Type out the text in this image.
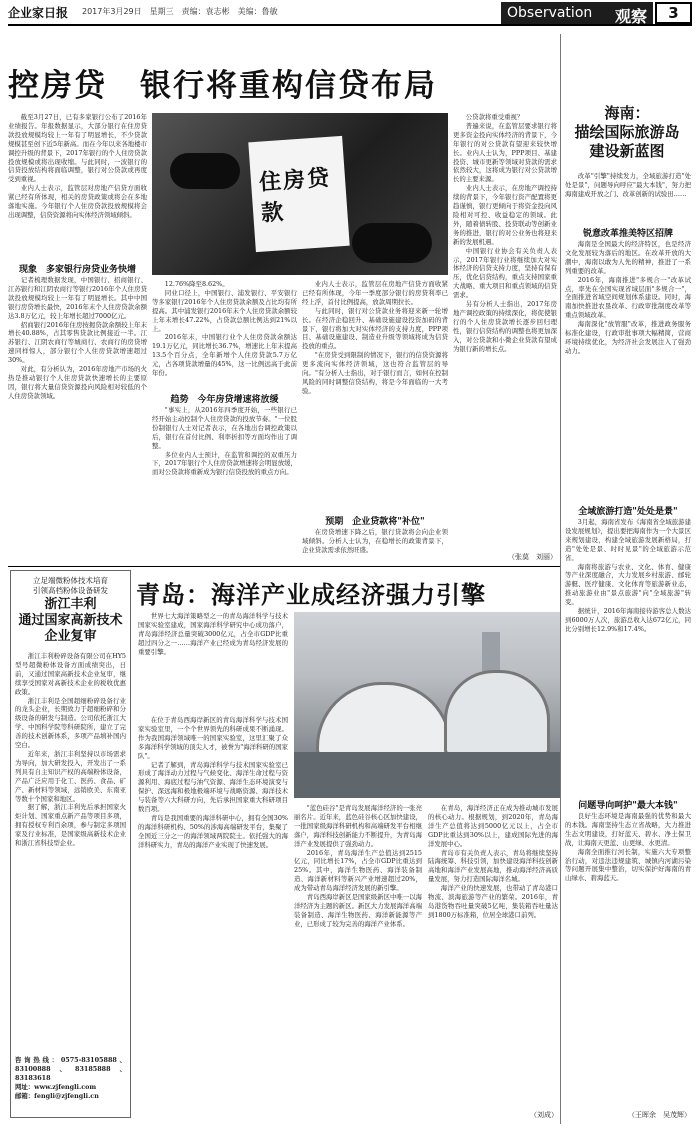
企业家日报 2017年3月29日　星期三　责编：袁志彬　美编：鲁敏	Observation 观察	3
控房贷　银行将重构信贷布局

截至3月27日，已有多家银行公布了2016年业绩报告。年报数据显示，大部分银行在住房贷款投放规模均较上一年有了明显增长，不少贷款规模甚至创下近5年新高。而在今年以来各地楼市调控升级的背景下，2017年银行的个人住房贷款投放规模或将出现收缩。与此同时，一波银行的信贷投放结构将面临调整，银行对公贷款或再度受到重视。

业内人士表示，监管层对房地产信贷方面收紧已经有所体现，相关的房贷政策或将会在多地落地实施。今年银行个人住房贷款投放规模将会出现调整，信贷资源将向实体经济领域倾斜。

现象　多家银行房贷业务快增

记者梳理数据发现，中国银行、招商银行、江苏银行和江阴农商行等银行2016年个人住房贷款投放规模均较上一年有了明显增长。其中中国银行房贷增长最快，2016年末个人住房贷款余额达3.8万亿元，较上年增长超过7000亿元。

招商银行2016年住房按揭贷款余额较上年末增长40.88%，占其零售贷款比例接近一半。江苏银行、江阴农商行等城商行、农商行的房贷增速同样惊人，部分银行个人住房贷款增速超过30%。

对此，有分析认为，2016年房地产市场的火热是推动银行个人住房贷款快速增长的主要原因，银行将大量信贷资源投向风险相对较低的个人住房贷款领域。

住房贷款

12.76%降至8.62%。

同业口径上，中国银行、浦发银行、平安银行等多家银行2016年个人住房贷款余额及占比均有所提高。其中浦发银行2016年末个人住房贷款余额较上年末增长47.22%，占贷款总额比例达到21%以上。

2016年末，中国银行业个人住房贷款余额达19.1万亿元，同比增长36.7%，增速比上年末提高13.5个百分点，全年新增个人住房贷款5.7万亿元，占各项贷款增量的45%，这一比例远高于此前年份。

趋势　今年房贷增速将放缓

"事实上，从2016年四季度开始，一些银行已经开始主动控制个人住房贷款的投放节奏。"一位股份制银行人士对记者表示，在各地出台调控政策以后，银行在首付比例、利率折扣等方面均作出了调整。

多位业内人士预计，在监管和调控的双重压力下，2017年银行个人住房贷款增速将会明显放缓，而对公贷款将重新成为银行信贷投放的重点方向。

业内人士表示，监管层在房地产信贷方面收紧已经有所体现，今年一季度部分银行的房贷利率已经上浮，首付比例提高，放款周期拉长。

与此同时，银行对公贷款业务将迎来新一轮增长。在经济企稳回升、基础设施建设投资加码的背景下，银行将加大对实体经济的支持力度，PPP项目、基础设施建设、制造业升级等领域将成为信贷投放的重点。

"在房贷受到限制的情况下，银行的信贷资源将更多流向实体经济领域，这也符合监管层的导向。"有分析人士指出，对于银行而言，如何在控制风险的同时调整信贷结构，将是今年面临的一大考验。

预期　企业贷款将"补位"

在房贷增速下降之后，银行贷款将会向企业领域倾斜。分析人士认为，在稳增长的政策背景下，企业贷款需求依然旺盛。

公贷款将重受重视？

普遍来说，在监管层要求银行将更多资金投向实体经济的背景下，今年银行的对公贷款有望迎来较快增长。业内人士认为，PPP项目、基建投资、城市更新等领域对贷款的需求依然较大，这将成为银行对公贷款增长的主要来源。

业内人士表示，在房地产调控持续的背景下，今年银行资产配置将更趋谨慎，银行更倾向于将资金投向风险相对可控、收益稳定的领域。此外，随着债转股、投贷联动等创新业务的推进，银行的对公业务也将迎来新的发展机遇。

中国银行业协会有关负责人表示，2017年银行业将继续加大对实体经济的信贷支持力度，坚持有保有压，优化信贷结构，重点支持国家重大战略、重大项目和重点领域的信贷需求。

另有分析人士指出，2017年房地产调控政策的持续深化，将促使银行的个人住房贷款增长逐步回归理性，银行信贷结构的调整也将更加深入，对公贷款和小微企业贷款有望成为银行新的增长点。

（张莫　刘丽）
海南：
描绘国际旅游岛
建设新蓝图

改革"引擎"持续发力，全域旅游打造"处处是景"，问题导向呼应"最大本钱"，努力把海南建成开放之门、改革创新的试验田……

锐意改革推美特区招牌

海南是全国最大的经济特区，也是经济文化发展较为落后的地区。在改革开放的大潮中，海南以敢为人先的精神，推进了一系列重要的改革。

2016年，海南推进"多规合一"改革试点，率先在全国实现省域层面"多规合一"，全面推进省域空间规划体系建设。同时，海南加快推进农垦改革、行政审批制度改革等重点领域改革。

海南深化"放管服"改革，推进政务服务标准化建设，行政审批事项大幅精简，营商环境持续优化，为经济社会发展注入了强劲动力。

全域旅游打造"处处是景"

3月起，海南省发布《海南省全域旅游建设发展规划》，提出要把海南作为一个大景区来规划建设，构建全域旅游发展新格局，打造"处处是景、时时见景"的全域旅游示范省。

海南将旅游与农业、文化、体育、健康等产业深度融合，大力发展乡村旅游、邮轮游艇、医疗健康、文化体育等旅游新业态，推动旅游业由"景点旅游"向"全域旅游"转变。

据统计，2016年海南接待游客总人数达到6000万人次，旅游总收入达672亿元，同比分别增长12.9%和17.4%。

问题导向呵护"最大本钱"

良好生态环境是海南最强的优势和最大的本钱。海南坚持生态立省战略，大力推进生态文明建设，打好蓝天、碧水、净土保卫战，让海南天更蓝、山更绿、水更清。

海南全面推行河长制，实施六大专项整治行动，对违法违规建筑、城镇内河湖污染等问题开展集中整治，切实保护好海南的青山绿水、碧海蓝天。

（王晖余　吴茂辉）
立足端微粉体技术培育
引领高档粉体设备研发
浙江丰利
通过国家高新技术
企业复审

浙江丰利粉碎设备有限公司在HY5型号超微粉体设备方面成绩突出，日前，又通过国家高新技术企业复审，继续享受国家对高新技术企业的税收优惠政策。

浙江丰利是全国超细粉碎设备行业的龙头企业，长期致力于超细粉碎和分级设备的研发与制造。公司依托浙江大学、中国科学院等科研院所，建立了完善的技术创新体系，多项产品填补国内空白。

近年来，浙江丰利坚持以市场需求为导向，加大研发投入，开发出了一系列具有自主知识产权的高端粉体设备，产品广泛应用于化工、医药、食品、矿产、新材料等领域，远销欧美、东南亚等数十个国家和地区。

据了解，浙江丰利先后承担国家火炬计划、国家重点新产品等项目多项，拥有授权专利百余项，参与制定多项国家及行业标准，是国家级高新技术企业和浙江省科技型企业。

咨询热线：0575-83105888、83100888、83185888、83183618
网址：www.zjfengli.com
邮箱：fengli@zjfengli.cn
青岛：海洋产业成经济强力引擎
世界七大海洋策略型之一的青岛海洋科学与技术国家实验室建成，国家海洋科学研究中心成功落户，青岛海洋经济总量突破3000亿元，占全市GDP比重超过四分之一……海洋产业已经成为青岛经济发展的重要引擎。

在位于青岛西海岸新区的青岛海洋科学与技术国家实验室里，一个个世界领先的科研成果不断涌现。作为我国海洋领域唯一的国家实验室，这里汇聚了众多海洋科学领域的顶尖人才，被誉为"海洋科研的国家队"。

记者了解到，青岛海洋科学与技术国家实验室已形成了海洋动力过程与气候变化、海洋生命过程与资源利用、海底过程与油气资源、海洋生态环境演变与保护、深远海和极地极端环境与战略资源、海洋技术与装备等六大科研方向，先后承担国家重大科研项目数百项。

青岛是我国重要的海洋科研中心，拥有全国30%的海洋科研机构、50%的涉海高端研发平台，集聚了全国近三分之一的海洋领域两院院士。依托强大的海洋科研实力，青岛的海洋产业实现了快速发展。

"蓝色硅谷"是青岛发展海洋经济的一张亮丽名片。近年来，蓝色硅谷核心区加快建设，一批国家级海洋科研机构和高端研发平台相继落户，海洋科技创新能力不断提升，为青岛海洋产业发展提供了强劲动力。

2016年，青岛海洋生产总值达到2515亿元，同比增长17%，占全市GDP比重达到25%。其中，海洋生物医药、海洋装备制造、海洋新材料等新兴产业增速超过20%，成为带动青岛海洋经济发展的新引擎。

青岛西海岸新区是国家级新区中唯一以海洋经济为主题的新区。新区大力发展海洋高端装备制造、海洋生物医药、海洋新能源等产业，已形成了较为完善的海洋产业体系。

在青岛，海洋经济正在成为推动城市发展的核心动力。根据规划，到2020年，青岛海洋生产总值将达到5000亿元以上，占全市GDP比重达到30%以上，建成国际先进的海洋发展中心。

青岛市有关负责人表示，青岛将继续坚持陆海统筹、科技引领，加快建设海洋科技创新高地和海洋产业发展高地，推动海洋经济高质量发展，努力打造国际海洋名城。

海洋产业的快速发展，也带动了青岛港口物流、滨海旅游等产业的繁荣。2016年，青岛港货物吞吐量突破5亿吨，集装箱吞吐量达到1800万标准箱，位居全球港口前列。

（刘成）
